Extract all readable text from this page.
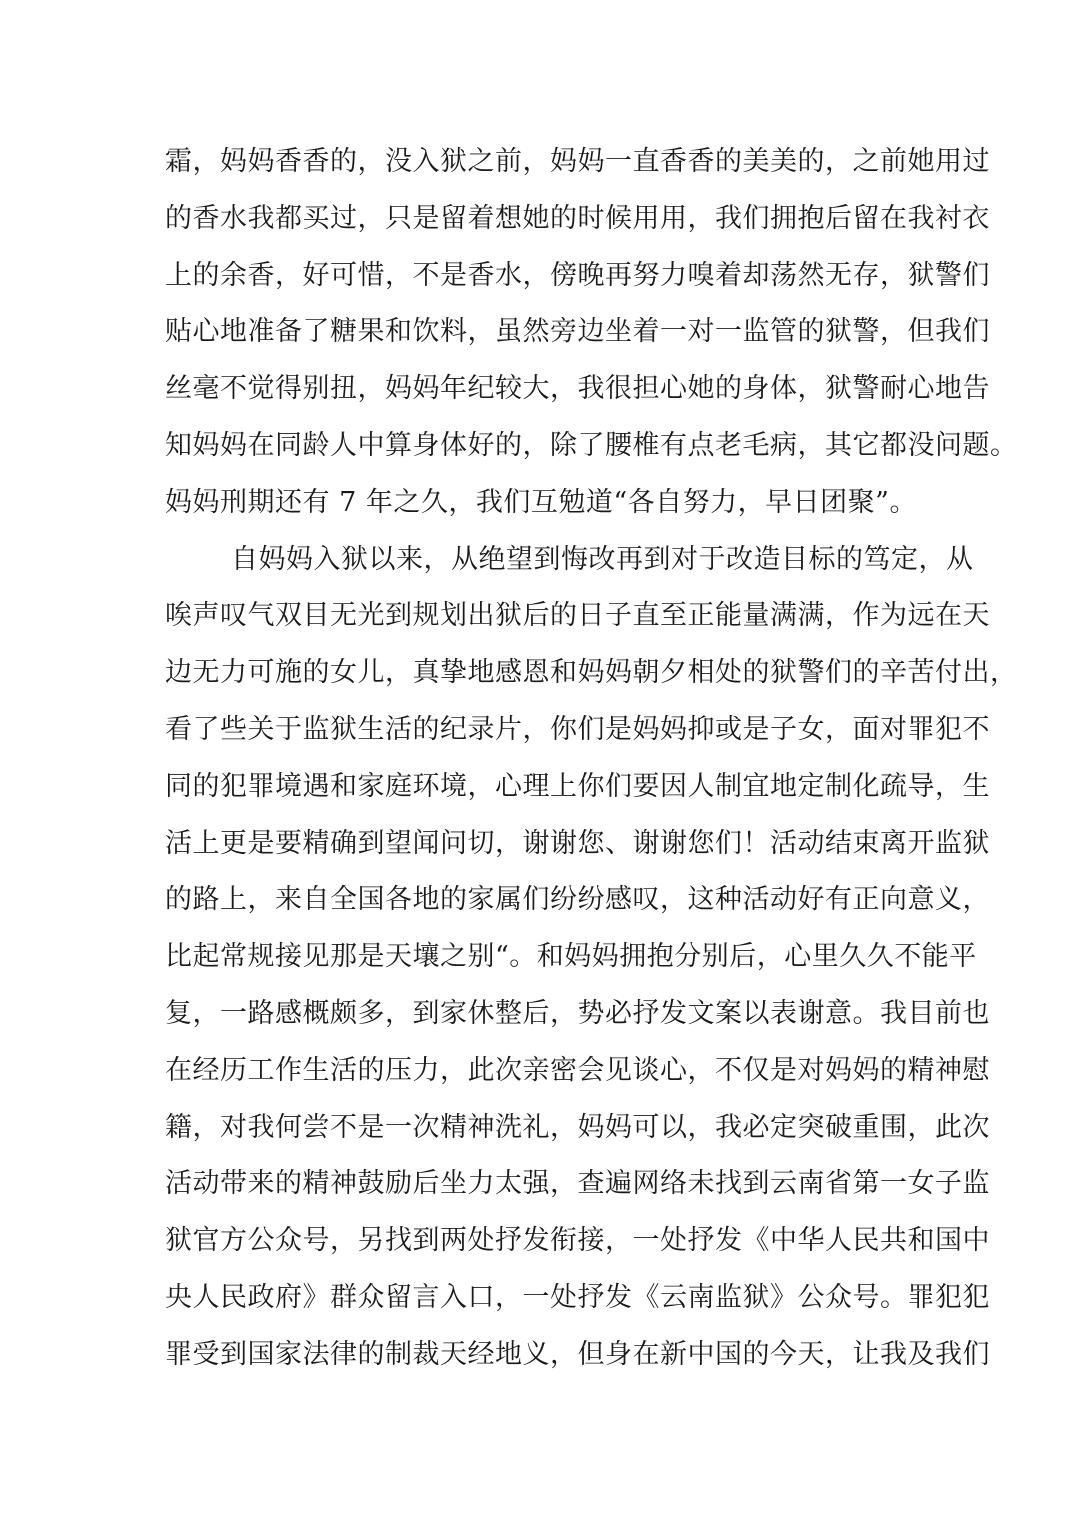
霜，妈妈香香的，没入狱之前，妈妈一直香香的美美的，之前她用过
的香水我都买过，只是留着想她的时候用用，我们拥抱后留在我衬衣
上的余香，好可惜，不是香水，傍晚再努力嗅着却荡然无存，狱警们
贴心地准备了糖果和饮料，虽然旁边坐着一对一监管的狱警，但我们
丝毫不觉得别扭，妈妈年纪较大，我很担心她的身体，狱警耐心地告
知妈妈在同龄人中算身体好的，除了腰椎有点老毛病，其它都没问题。
妈妈刑期还有 7 年之久，我们互勉道“各自努力，早日团聚”。
自妈妈入狱以来，从绝望到悔改再到对于改造目标的笃定，从
唉声叹气双目无光到规划出狱后的日子直至正能量满满，作为远在天
边无力可施的女儿，真挚地感恩和妈妈朝夕相处的狱警们的辛苦付出，
看了些关于监狱生活的纪录片，你们是妈妈抑或是子女，面对罪犯不
同的犯罪境遇和家庭环境，心理上你们要因人制宜地定制化疏导，生
活上更是要精确到望闻问切，谢谢您、谢谢您们！活动结束离开监狱
的路上，来自全国各地的家属们纷纷感叹，这种活动好有正向意义，
比起常规接见那是天壤之别“。和妈妈拥抱分别后，心里久久不能平
复，一路感概颇多，到家休整后，势必抒发文案以表谢意。我目前也
在经历工作生活的压力，此次亲密会见谈心，不仅是对妈妈的精神慰
籍，对我何尝不是一次精神洗礼，妈妈可以，我必定突破重围，此次
活动带来的精神鼓励后坐力太强，查遍网络未找到云南省第一女子监
狱官方公众号，另找到两处抒发衔接，一处抒发《中华人民共和国中
央人民政府》群众留言入口，一处抒发《云南监狱》公众号。罪犯犯
罪受到国家法律的制裁天经地义，但身在新中国的今天，让我及我们
